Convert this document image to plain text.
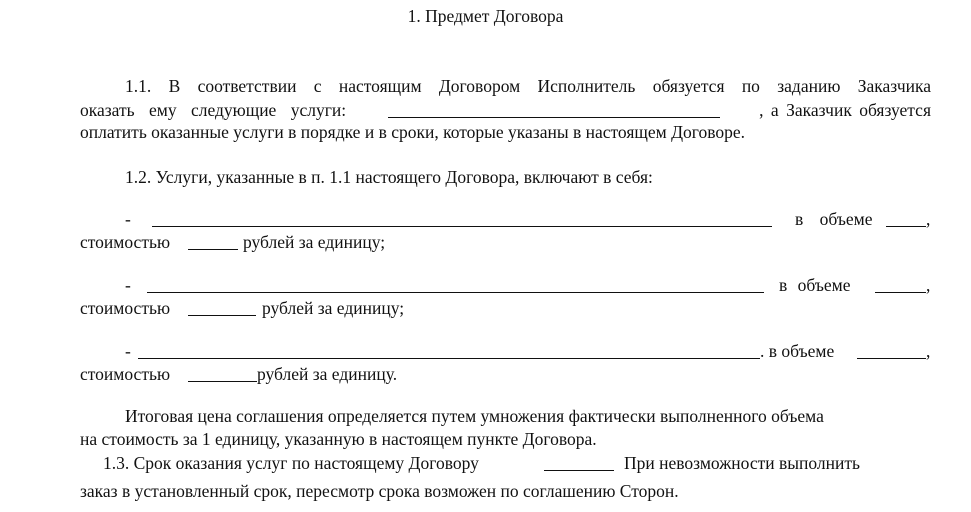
1. Предмет Договора
1.1. В соответствии с настоящим Договором Исполнитель обязуется по заданию Заказчика
оказать ему следующие услуги:	, а Заказчик обязуется
оплатить оказанные услуги в порядке и в сроки, которые указаны в настоящем Договоре.
1.2. Услуги, указанные в п. 1.1 настоящего Договора, включают в себя:
-	в объеме	,
стоимостью	рублей за единицу;
-	в объеме	,
стоимостью	рублей за единицу;
-	. в объеме	,
стоимостью	рублей за единицу.
Итоговая цена соглашения определяется путем умножения фактически выполненного объема
на стоимость за 1 единицу, указанную в настоящем пункте Договора.
1.3. Срок оказания услуг по настоящему Договору	При невозможности выполнить
заказ в установленный срок, пересмотр срока возможен по соглашению Сторон.
